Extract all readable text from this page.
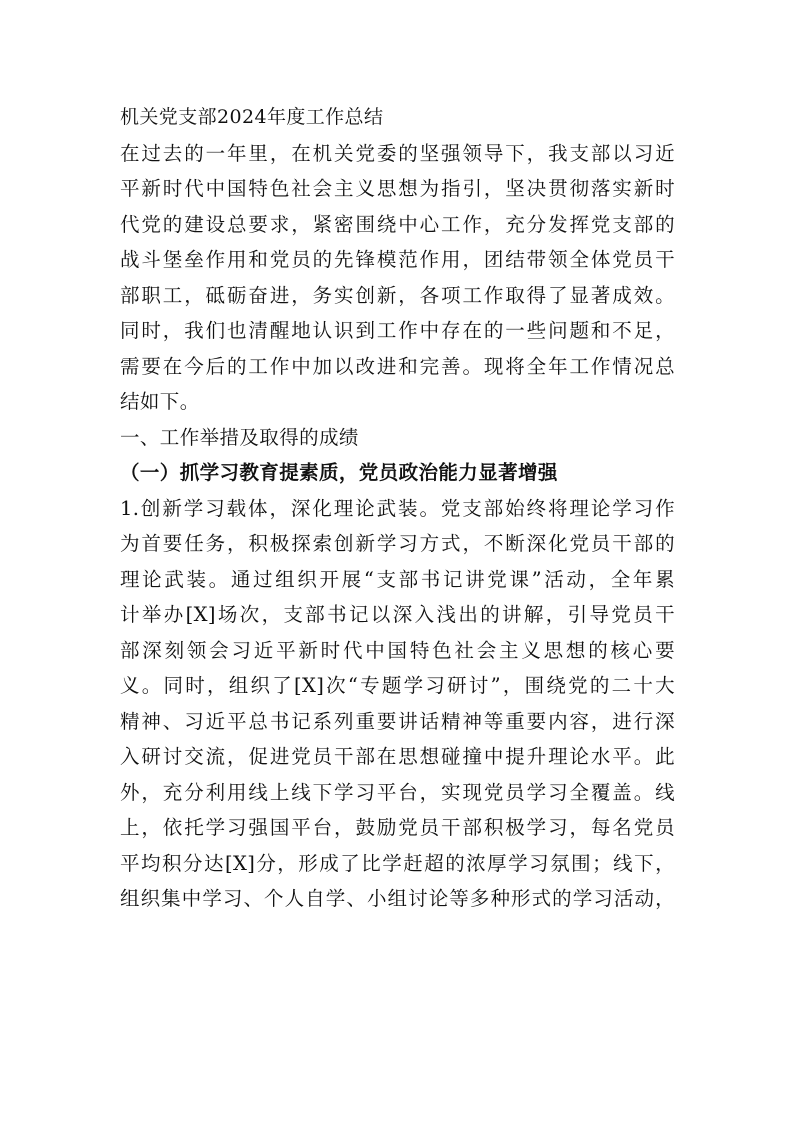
机关党支部2024年度工作总结
在过去的一年里，在机关党委的坚强领导下，我支部以习近
平新时代中国特色社会主义思想为指引，坚决贯彻落实新时
代党的建设总要求，紧密围绕中心工作，充分发挥党支部的
战斗堡垒作用和党员的先锋模范作用，团结带领全体党员干
部职工，砥砺奋进，务实创新，各项工作取得了显著成效。
同时，我们也清醒地认识到工作中存在的一些问题和不足，
需要在今后的工作中加以改进和完善。现将全年工作情况总
结如下。
一、工作举措及取得的成绩
（一）抓学习教育提素质，党员政治能力显著增强
1.创新学习载体，深化理论武装。党支部始终将理论学习作
为首要任务，积极探索创新学习方式，不断深化党员干部的
理论武装。通过组织开展“支部书记讲党课”活动，全年累
计举办[X]场次，支部书记以深入浅出的讲解，引导党员干
部深刻领会习近平新时代中国特色社会主义思想的核心要
义。同时，组织了[X]次“专题学习研讨”，围绕党的二十大
精神、习近平总书记系列重要讲话精神等重要内容，进行深
入研讨交流，促进党员干部在思想碰撞中提升理论水平。此
外，充分利用线上线下学习平台，实现党员学习全覆盖。线
上，依托学习强国平台，鼓励党员干部积极学习，每名党员
平均积分达[X]分，形成了比学赶超的浓厚学习氛围；线下，
组织集中学习、个人自学、小组讨论等多种形式的学习活动，
